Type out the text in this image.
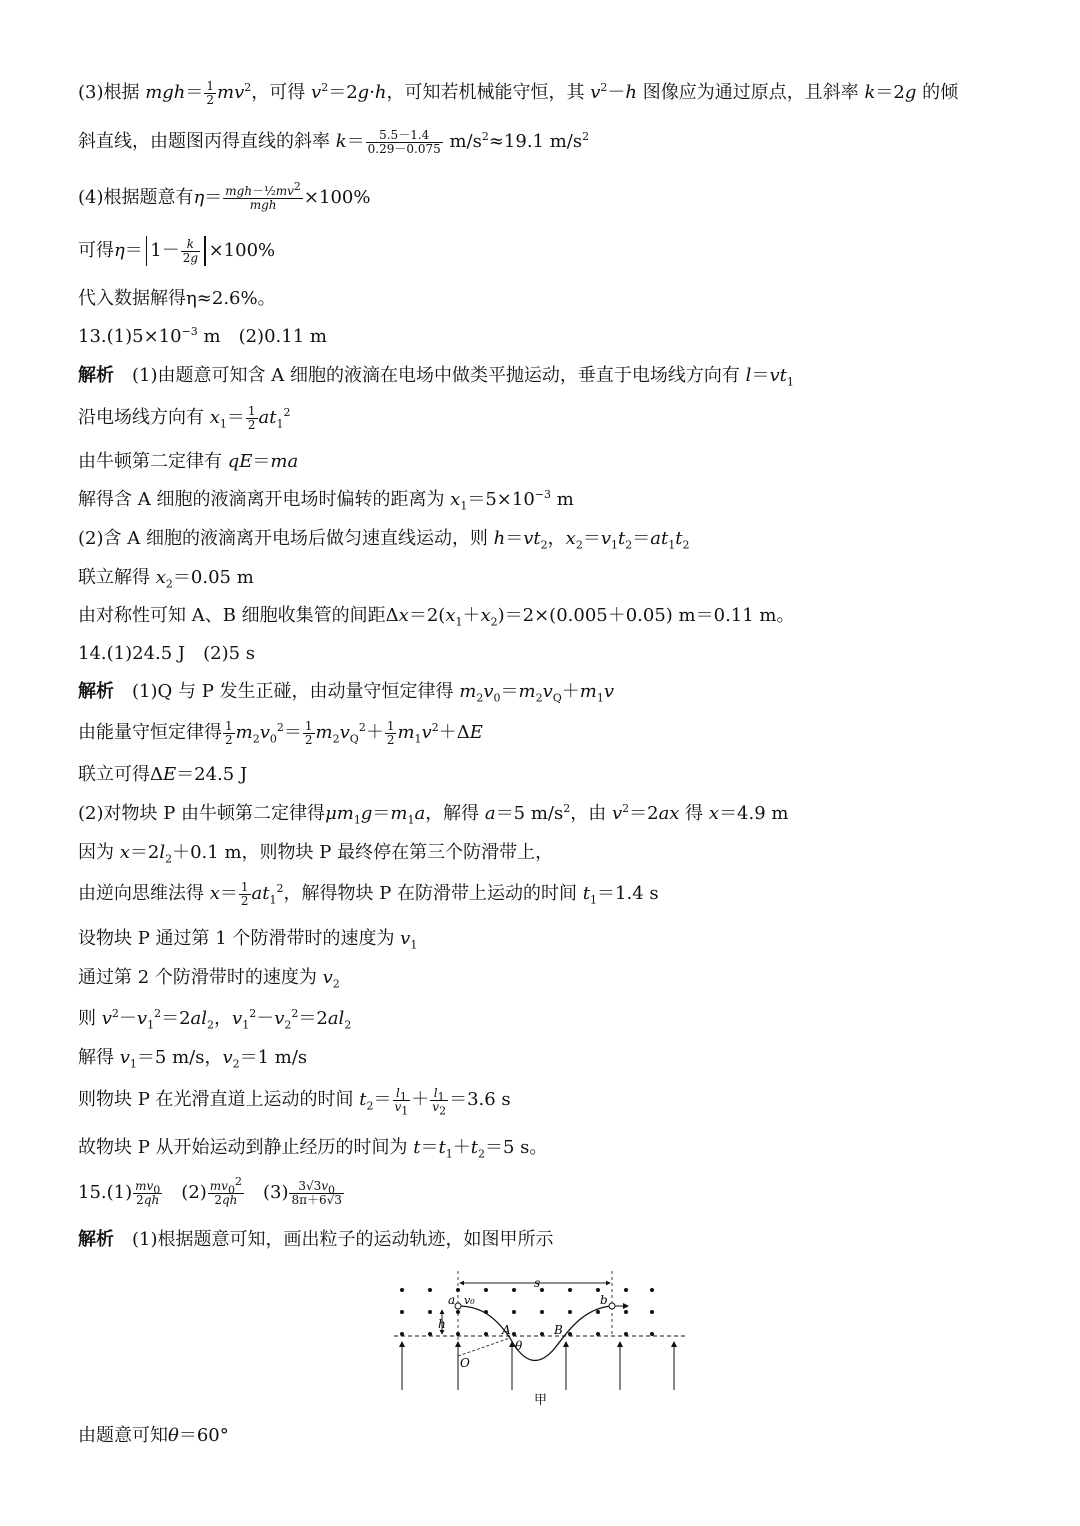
(3)根据 $mgh= \frac{1}{2} mv^2$，可得 $v^2=2g\cdot h$，可知若机械能守恒，其 $v^2-h$ 图像应为通过原点，且斜率 k＝2g 的倾
斜直线，由题图丙得直线的斜率 $k= \frac{5.5-1.4}{0.29-0.075} m/s^2\approx 19.1$ $m/s^2$
(4)根据题意有$\eta= mgh-\frac{1}{2}mv^2$
mgh	×100%
可得$\eta= 1- \frac{k}{2g} \times 100\%$
代入数据解得η≈2.6%。
$13.(1)5\times 10^{-3}$ m　(2)0.11 m
解析　(1)由题意可知含 A 细胞的液滴在电场中做类平抛运动，垂直于电场线方向有 $l=vt_1$
沿电场线方向有 $x_1= \frac{1}{2} at_1^2$
由牛顿第二定律有 qE＝ma
解得含 A 细胞的液滴离开电场时偏转的距离为 $x_1=5\times 10^{-3}$ m
(2)含 A 细胞的液滴离开电场后做匀速直线运动，则 $h=vt_2$，$x_2=v_1t_2=at_1t_2$
联立解得 $x_2=0.05$ m
由对称性可知 A、B 细胞收集管的间距$\Delta x=2(x_1+x_2)=2\times(0.005+0.05)$ m＝0.11 m。
14.(1)24.5 J　(2)5 s
解析　(1)Q 与 P 发生正碰，由动量守恒定律得 $m_2v_0=m_2v_Q+m_1v$
由能量守恒定律得 $\frac{1}{2} m_2v_0^2= \frac{1}{2} m_2v_Q^2+ \frac{1}{2} m_1v^2+\Delta E$
联立可得ΔE＝24.5 J
(2)对物块 P 由牛顿第二定律得$\mu m_1g=m_1a$，解得 a＝5 $m/s^2$，由 $v^2=2ax$ 得 x＝4.9 m
因为 $x=2l_2+0.1$ m，则物块 P 最终停在第三个防滑带上，
由逆向思维法得 $x= \frac{1}{2} at_1^2$，解得物块 P 在防滑带上运动的时间 $t_1=1.4$ s
设物块 P 通过第 1 个防滑带时的速度为 $v_1$
通过第 2 个防滑带时的速度为 $v_2$
则 $v^2-v_1^2=2al_2$，$v_1^2-v_2^2=2al_2$
解得 $v_1=5$ m/s，$v_2=1$ m/s
则物块 P 在光滑直道上运动的时间 $t_2= \frac{l_1}{v_1} + \frac{l_1}{v_2} =3.6$ s
故物块 P 从开始运动到静止经历的时间为 $t=t_1+t_2=5$ s。
$15.(1) \frac{mv_0}{2qh}$ 　$(2) \frac{mv_0^2}{2qh}$ 　$(3) \frac{3√3v_0}{8\pi+6√3}$
解析　(1)根据题意可知，画出粒子的运动轨迹，如图甲所示
s
a v₀
h	A	B
b
O
θ
甲
由题意可知θ＝60°
